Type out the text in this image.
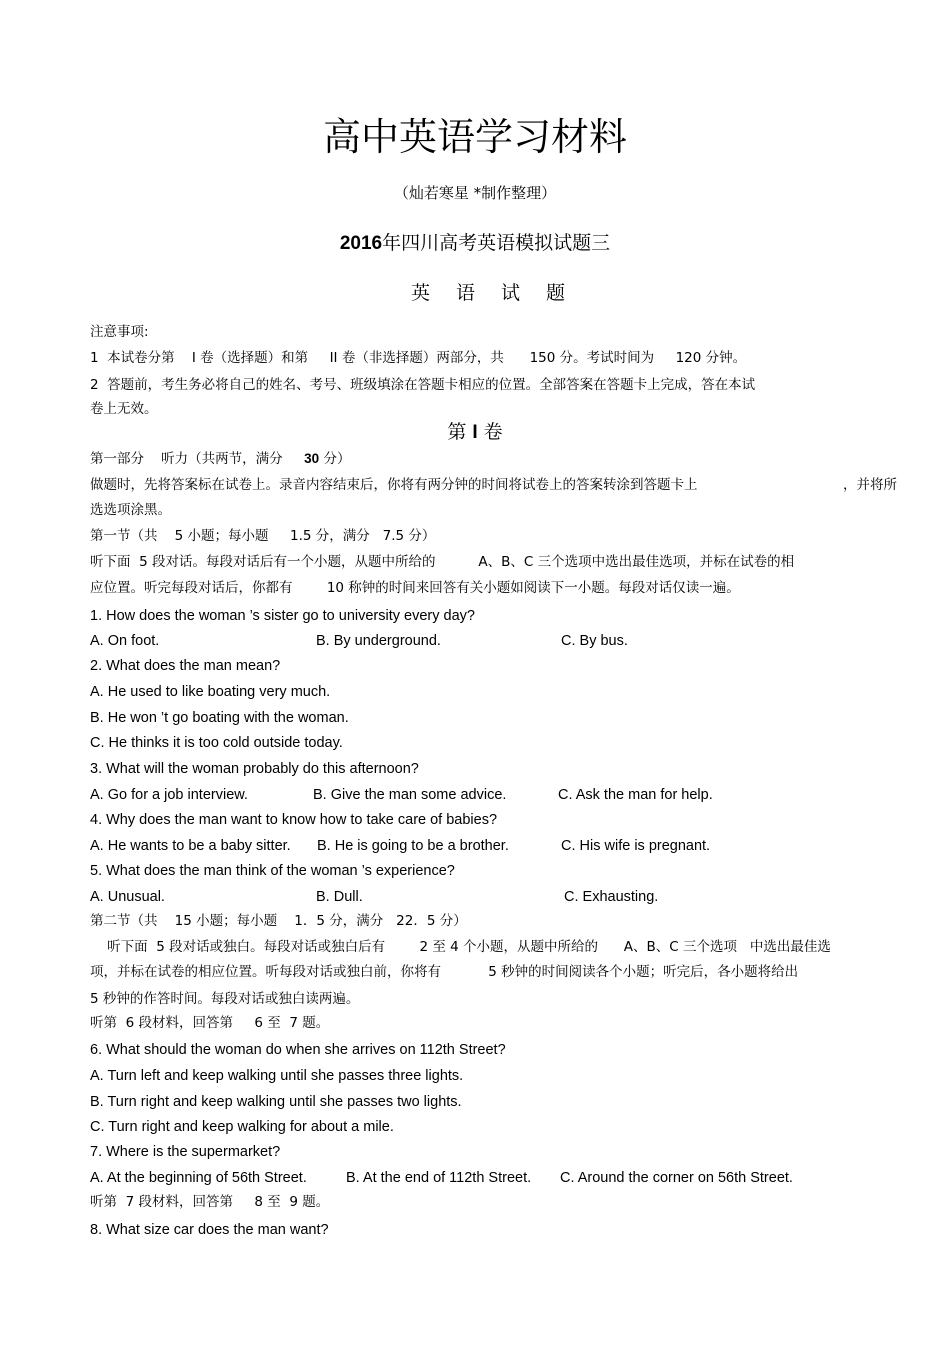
高中英语学习材料
（灿若寒星 *制作整理）
2016年四川高考英语模拟试题三
英语试题
注意事项:
1  本试卷分第    I 卷（选择题）和第     II 卷（非选择题）两部分，共      150 分。考试时间为     120 分钟。
2  答题前，考生务必将自己的姓名、考号、班级填涂在答题卡相应的位置。全部答案在答题卡上完成，答在本试
卷上无效。
第 I 卷
第一部分    听力（共两节，满分     30 分）
做题时，先将答案标在试卷上。录音内容结束后，你将有两分钟的时间将试卷上的答案转涂到答题卡上	，并将所
选选项涂黑。
第一节（共    5 小题；每小题     1.5 分，满分   7.5 分）
听下面  5 段对话。每段对话后有一个小题，从题中所给的          A、B、C 三个选项中选出最佳选项，并标在试卷的相
应位置。听完每段对话后，你都有        10 称钟的时间来回答有关小题如阅读下一小题。每段对话仅读一遍。
1. How does the woman ’s sister go to university every day?
A. On foot.	B. By underground.	C. By bus.
2. What does the man mean?
A. He used to like boating very much.
B. He won ’t go boating with the woman.
C. He thinks it is too cold outside today.
3. What will the woman probably do this afternoon?
A. Go for a job interview.	B. Give the man some advice.	C. Ask the man for help.
4. Why does the man want to know how to take care of babies?
A. He wants to be a baby sitter. B. He is going to be a brother.	C. His wife is pregnant.
5. What does the man think of the woman ’s experience?
A. Unusual.	B. Dull.	C. Exhausting.
第二节（共    15 小题；每小题    1．5 分，满分   22．5 分）
听下面  5 段对话或独白。每段对话或独白后有        2 至 4 个小题，从题中所给的      A、B、C 三个选项   中选出最佳选
项，并标在试卷的相应位置。听每段对话或独白前，你将有           5 秒钟的时间阅读各个小题；听完后，各小题将给出
5 秒钟的作答时间。每段对话或独白读两遍。
听第  6 段材料，回答第     6 至  7 题。
6. What should the woman do when she arrives on 112th Street?
A. Turn left and keep walking until she passes three lights.
B. Turn right and keep walking until she passes two lights.
C. Turn right and keep walking for about a mile.
7. Where is the supermarket?
A. At the beginning of 56th Street.	B. At the end of 112th Street. C. Around the corner on 56th Street.
听第  7 段材料，回答第     8 至  9 题。
8. What size car does the man want?
